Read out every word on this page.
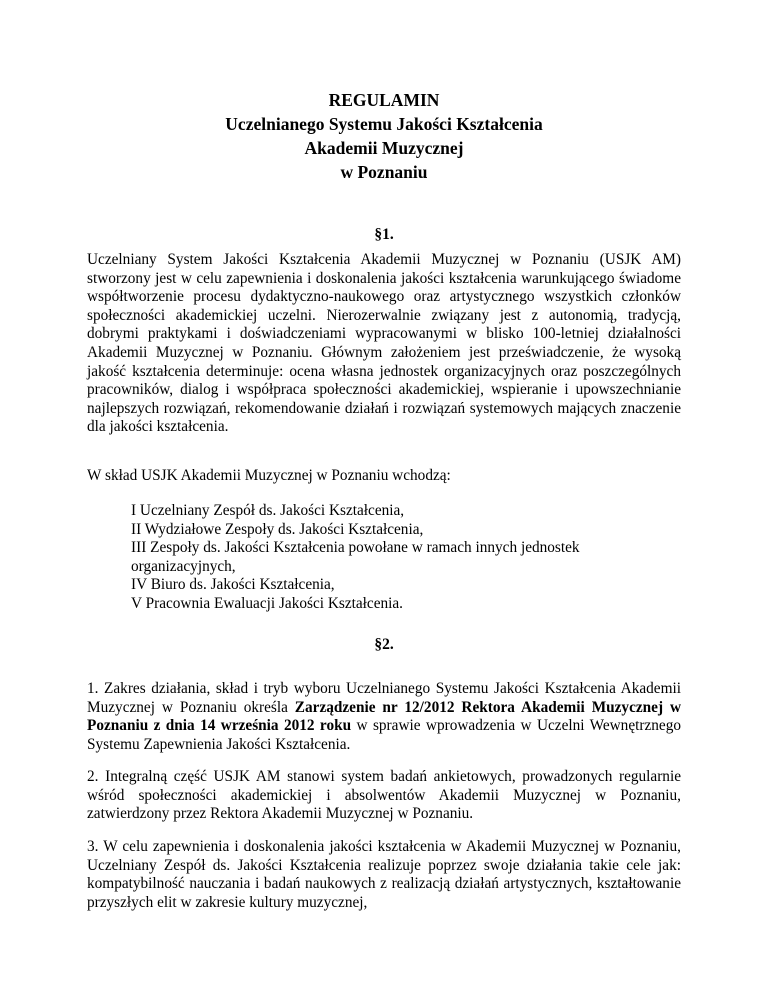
REGULAMIN
Uczelnianego Systemu Jakości Kształcenia
Akademii Muzycznej
w Poznaniu
§1.

Uczelniany System Jakości Kształcenia Akademii Muzycznej w Poznaniu (USJK AM) stworzony jest w celu zapewnienia i doskonalenia jakości kształcenia warunkującego świadome współtworzenie procesu dydaktyczno-naukowego oraz artystycznego wszystkich członków społeczności akademickiej uczelni. Nierozerwalnie związany jest z autonomią, tradycją, dobrymi praktykami i doświadczeniami wypracowanymi w blisko 100-letniej działalności Akademii Muzycznej w Poznaniu. Głównym założeniem jest przeświadczenie, że wysoką jakość kształcenia determinuje: ocena własna jednostek organizacyjnych oraz poszczególnych pracowników, dialog i współpraca społeczności akademickiej, wspieranie i upowszechnianie najlepszych rozwiązań, rekomendowanie działań i rozwiązań systemowych mających znaczenie dla jakości kształcenia.

W skład USJK Akademii Muzycznej w Poznaniu wchodzą:

I Uczelniany Zespół ds. Jakości Kształcenia,
II Wydziałowe Zespoły ds. Jakości Kształcenia,
III Zespoły ds. Jakości Kształcenia powołane w ramach innych jednostek organizacyjnych,
IV Biuro ds. Jakości Kształcenia,
V Pracownia Ewaluacji Jakości Kształcenia.
§2.

1. Zakres działania, skład i tryb wyboru Uczelnianego Systemu Jakości Kształcenia Akademii Muzycznej w Poznaniu określa Zarządzenie nr 12/2012 Rektora Akademii Muzycznej w Poznaniu z dnia 14 września 2012 roku w sprawie wprowadzenia w Uczelni Wewnętrznego Systemu Zapewnienia Jakości Kształcenia.

2. Integralną część USJK AM stanowi system badań ankietowych, prowadzonych regularnie wśród społeczności akademickiej i absolwentów Akademii Muzycznej w Poznaniu, zatwierdzony przez Rektora Akademii Muzycznej w Poznaniu.

3. W celu zapewnienia i doskonalenia jakości kształcenia w Akademii Muzycznej w Poznaniu, Uczelniany Zespół ds. Jakości Kształcenia realizuje poprzez swoje działania takie cele jak: kompatybilność nauczania i badań naukowych z realizacją działań artystycznych, kształtowanie przyszłych elit w zakresie kultury muzycznej,
